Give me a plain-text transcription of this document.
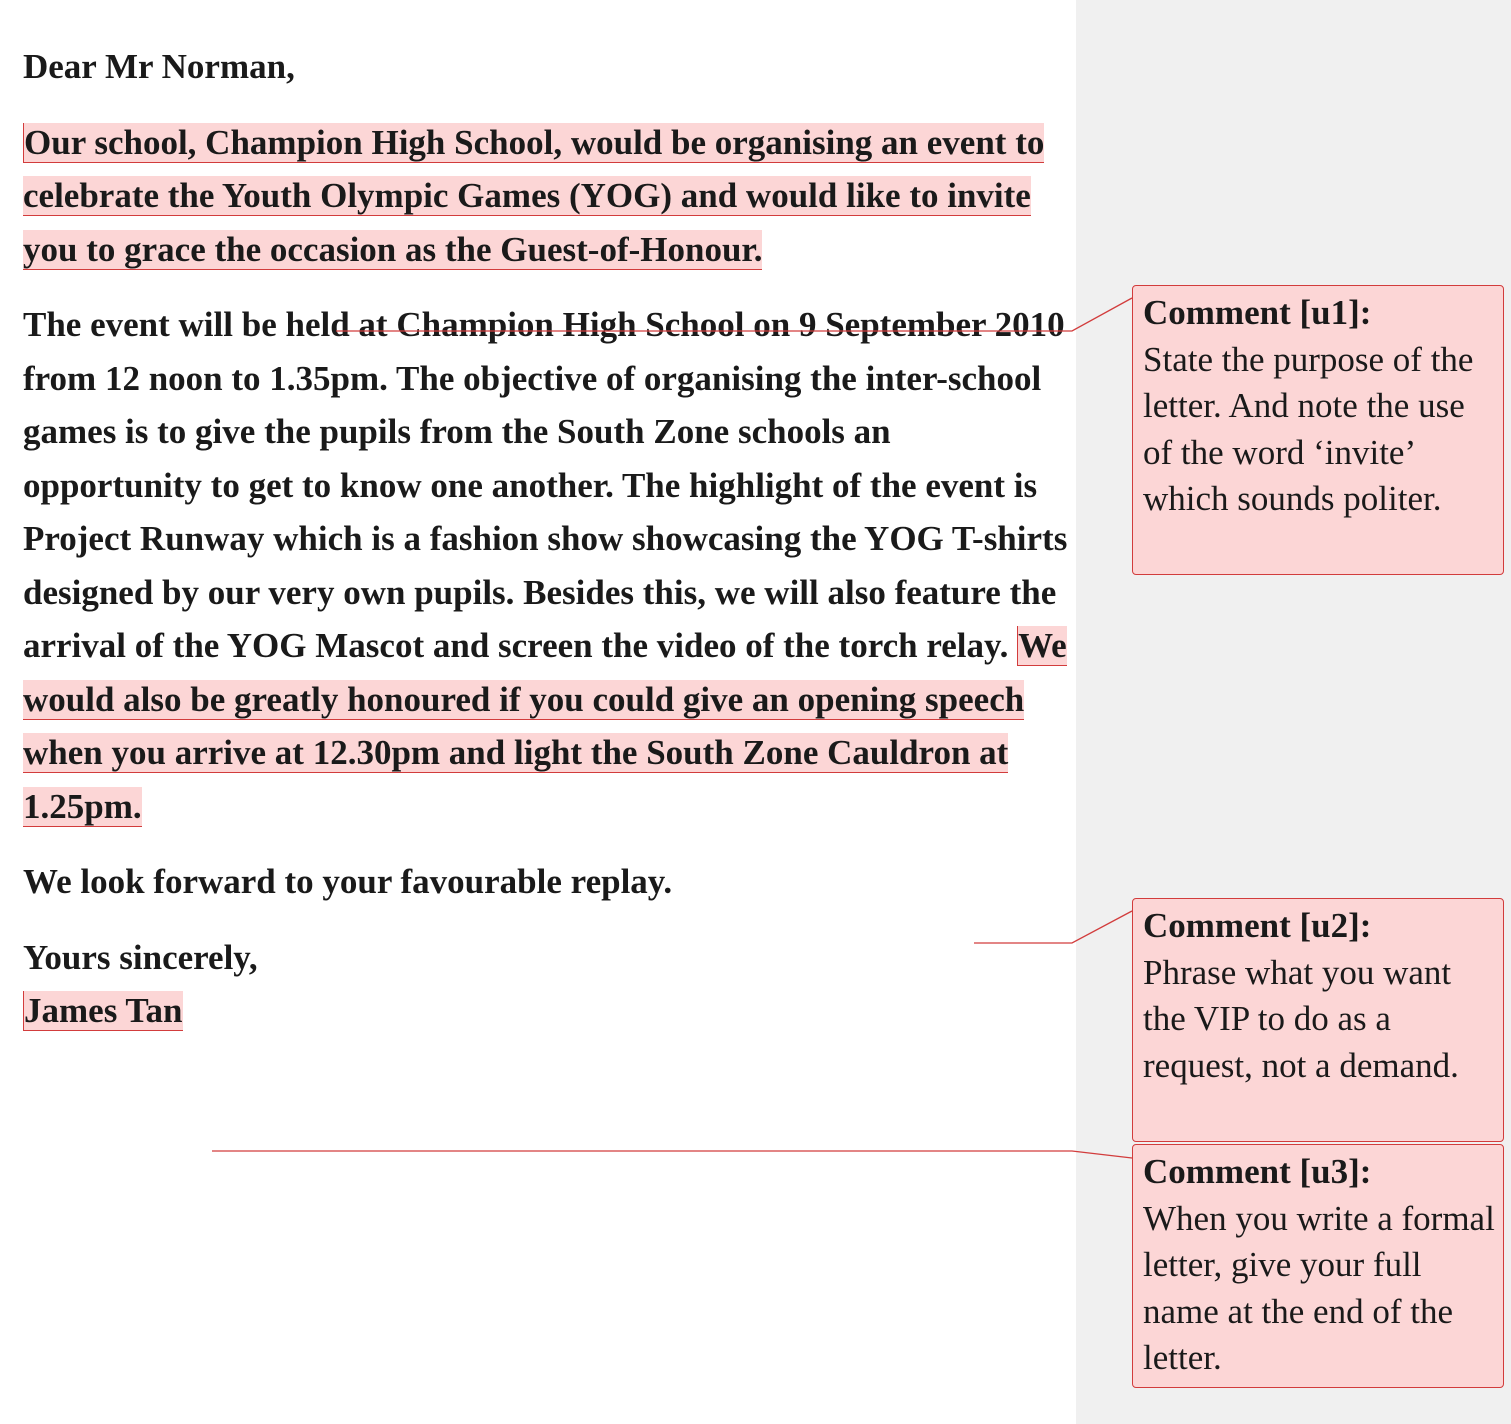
Dear Mr Norman,

Our school, Champion High School, would be organising an event to celebrate the Youth Olympic Games (YOG) and would like to invite you to grace the occasion as the Guest-of-Honour.

The event will be held at Champion High School on 9 September 2010 from 12 noon to 1.35pm. The objective of organising the inter-school games is to give the pupils from the South Zone schools an opportunity to get to know one another. The highlight of the event is Project Runway which is a fashion show showcasing the YOG T-shirts designed by our very own pupils. Besides this, we will also feature the arrival of the YOG Mascot and screen the video of the torch relay. We would also be greatly honoured if you could give an opening speech when you arrive at 12.30pm and light the South Zone Cauldron at 1.25pm.

We look forward to your favourable replay.

Yours sincerely,

James Tan

Comment [u1]:
State the purpose of the letter. And note the use of the word ‘invite’ which sounds politer.
Comment [u2]:
Phrase what you want the VIP to do as a request, not a demand.
Comment [u3]:
When you write a formal letter, give your full name at the end of the letter.
